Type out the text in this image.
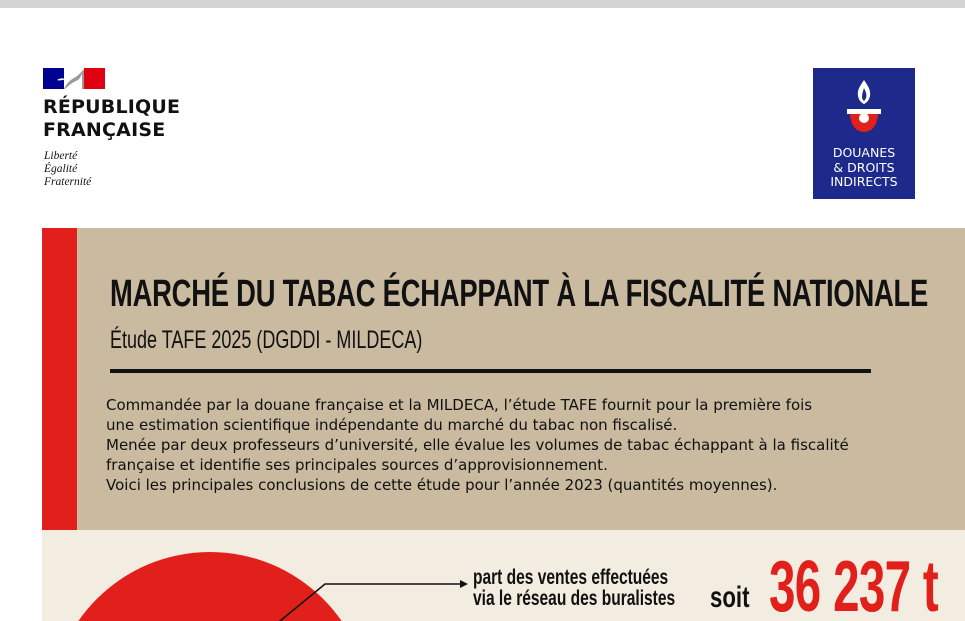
RÉPUBLIQUE
FRANÇAISE
Liberté
Égalité
Fraternité
DOUANES
& DROITS
INDIRECTS
MARCHÉ DU TABAC ÉCHAPPANT À LA FISCALITÉ NATIONALE
Étude TAFE 2025 (DGDDI - MILDECA)

Commandée par la douane française et la MILDECA, l’étude TAFE fournit pour la première fois
une estimation scientifique indépendante du marché du tabac non fiscalisé.
Menée par deux professeurs d’université, elle évalue les volumes de tabac échappant à la fiscalité
française et identifie ses principales sources d’approvisionnement.
Voici les principales conclusions de cette étude pour l’année 2023 (quantités moyennes).

part des ventes effectuées
via le réseau des buralistes soit 36 237 t
